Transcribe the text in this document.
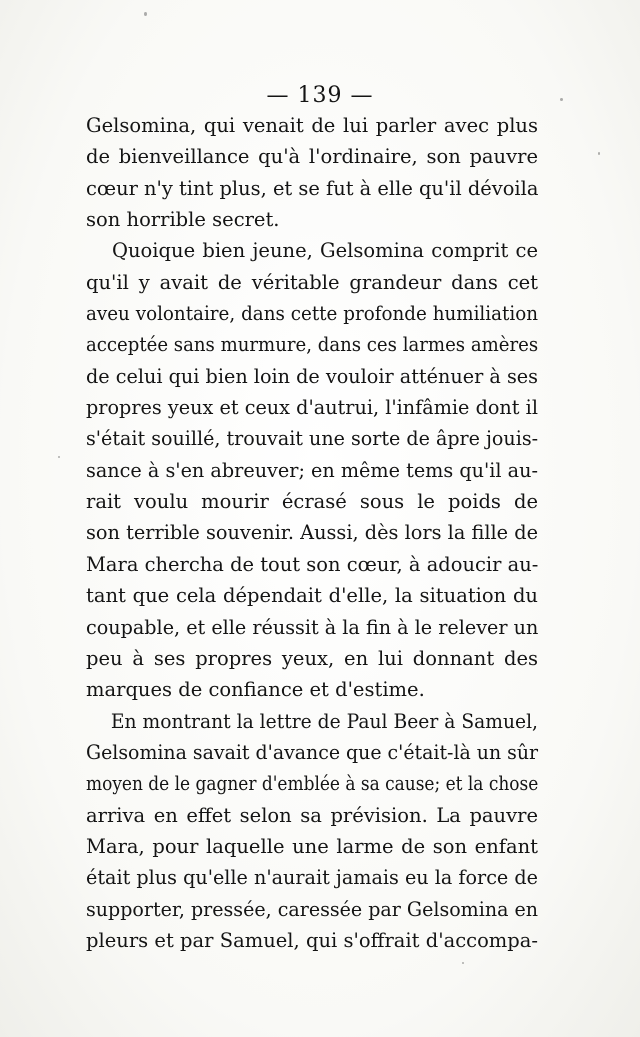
— 139 —
Gelsomina, qui venait de lui parler avec plus
de bienveillance qu'à l'ordinaire, son pauvre
cœur n'y tint plus, et se fut à elle qu'il dévoila
son horrible secret.
Quoique bien jeune, Gelsomina comprit ce
qu'il y avait de véritable grandeur dans cet
aveu volontaire, dans cette profonde humiliation
acceptée sans murmure, dans ces larmes amères
de celui qui bien loin de vouloir atténuer à ses
propres yeux et ceux d'autrui, l'infâmie dont il
s'était souillé, trouvait une sorte de âpre jouis-
sance à s'en abreuver; en même tems qu'il au-
rait voulu mourir écrasé sous le poids de
son terrible souvenir. Aussi, dès lors la fille de
Mara chercha de tout son cœur, à adoucir au-
tant que cela dépendait d'elle, la situation du
coupable, et elle réussit à la fin à le relever un
peu à ses propres yeux, en lui donnant des
marques de confiance et d'estime.
En montrant la lettre de Paul Beer à Samuel,
Gelsomina savait d'avance que c'était-là un sûr
moyen de le gagner d'emblée à sa cause; et la chose
arriva en effet selon sa prévision. La pauvre
Mara, pour laquelle une larme de son enfant
était plus qu'elle n'aurait jamais eu la force de
supporter, pressée, caressée par Gelsomina en
pleurs et par Samuel, qui s'offrait d'accompa-
